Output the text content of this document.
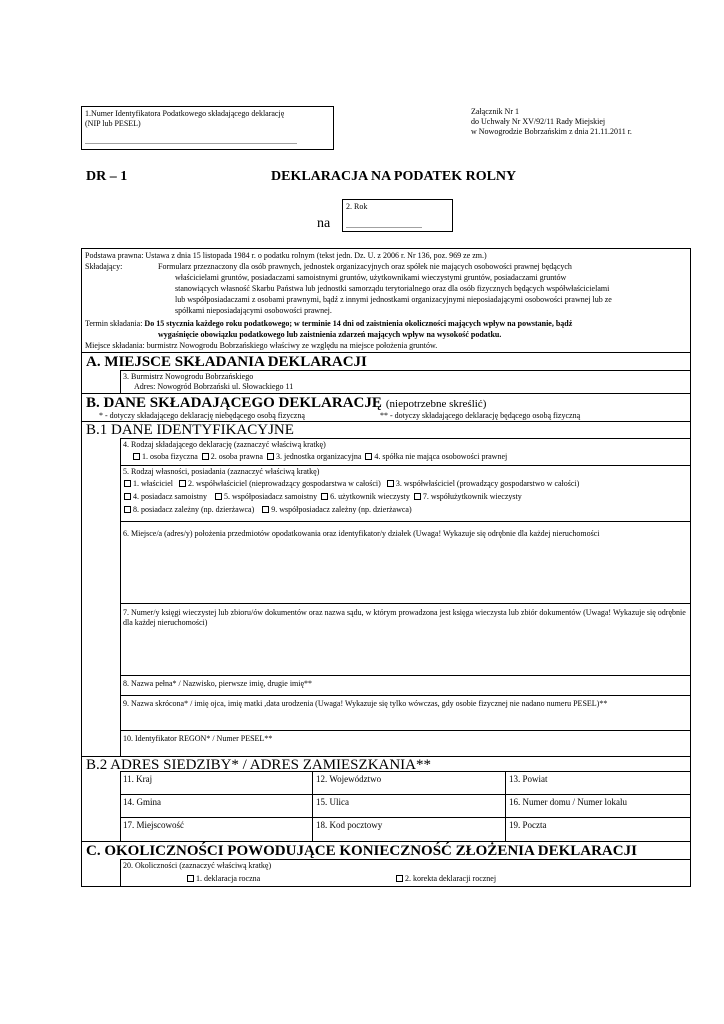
1.Numer Identyfikatora Podatkowego składającego deklarację
(NIP lub PESEL)
..........................................................................................................
Załącznik Nr 1
do Uchwały Nr XV/92/11 Rady Miejskiej
w Nowogrodzie Bobrzańskim z dnia 21.11.2011 r.
DR – 1	DEKLARACJA NA PODATEK ROLNY
na
2. Rok
......................................
Podstawa prawna: Ustawa z dnia 15 listopada 1984 r. o podatku rolnym (tekst jedn. Dz. U. z 2006 r. Nr 136, poz. 969 ze zm.)
Składający:	Formularz przeznaczony dla osób prawnych, jednostek organizacyjnych oraz spółek nie mających osobowości prawnej będących
właścicielami gruntów, posiadaczami samoistnymi gruntów, użytkownikami wieczystymi gruntów, posiadaczami gruntów
stanowiących własność Skarbu Państwa lub jednostki samorządu terytorialnego oraz dla osób fizycznych będących współwłaścicielami
lub współposiadaczami z osobami prawnymi, bądź z innymi jednostkami organizacyjnymi nieposiadającymi osobowości prawnej lub ze
spółkami nieposiadającymi osobowości prawnej.
Termin składania: Do 15 stycznia każdego roku podatkowego; w terminie 14 dni od zaistnienia okoliczności mających wpływ na powstanie, bądź
wygaśnięcie obowiązku podatkowego lub zaistnienia zdarzeń mających wpływ na wysokość podatku.
Miejsce składania: burmistrz Nowogrodu Bobrzańskiego właściwy ze względu na miejsce położenia gruntów.
A. MIEJSCE SKŁADANIA DEKLARACJI
3. Burmistrz Nowogrodu Bobrzańskiego
Adres: Nowogród Bobrzański ul. Słowackiego 11
B. DANE SKŁADAJĄCEGO DEKLARACJĘ (niepotrzebne skreślić)
* - dotyczy składającego deklarację niebędącego osobą fizyczną	** - dotyczy składającego deklarację będącego osobą fizyczną
B.1 DANE IDENTYFIKACYJNE
4. Rodzaj składającego deklarację (zaznaczyć właściwą kratkę)
1. osoba fizyczna 2. osoba prawna 3. jednostka organizacyjna 4. spółka nie mająca osobowości prawnej
5. Rodzaj własności, posiadania (zaznaczyć właściwą kratkę)
1. właściciel 2. współwłaściciel (nieprowadzący gospodarstwa w całości) 3. współwłaściciel (prowadzący gospodarstwo w całości)
4. posiadacz samoistny 5. współposiadacz samoistny 6. użytkownik wieczysty 7. współużytkownik wieczysty
8. posiadacz zależny (np. dzierżawca) 9. współposiadacz zależny (np. dzierżawca)
6. Miejsce/a (adres/y) położenia przedmiotów opodatkowania oraz identyfikator/y działek (Uwaga! Wykazuje się odrębnie dla każdej nieruchomości
7. Numer/y księgi wieczystej lub zbioru/ów dokumentów oraz nazwa sądu, w którym prowadzona jest księga wieczysta lub zbiór dokumentów (Uwaga! Wykazuje się odrębnie dla każdej nieruchomości)
8. Nazwa pełna* / Nazwisko, pierwsze imię, drugie imię**
9. Nazwa skrócona* / imię ojca, imię matki ,data urodzenia (Uwaga! Wykazuje się tylko wówczas, gdy osobie fizycznej nie nadano numeru PESEL)**
10. Identyfikator REGON* / Numer PESEL**
B.2 ADRES SIEDZIBY* / ADRES ZAMIESZKANIA**
11. Kraj	12. Województwo	13. Powiat
14. Gmina	15. Ulica	16. Numer domu / Numer lokalu
17. Miejscowość	18. Kod pocztowy	19. Poczta
C. OKOLICZNOŚCI POWODUJĄCE KONIECZNOŚĆ ZŁOŻENIA DEKLARACJI
20. Okoliczności (zaznaczyć właściwą kratkę)
1. deklaracja roczna	2. korekta deklaracji rocznej
